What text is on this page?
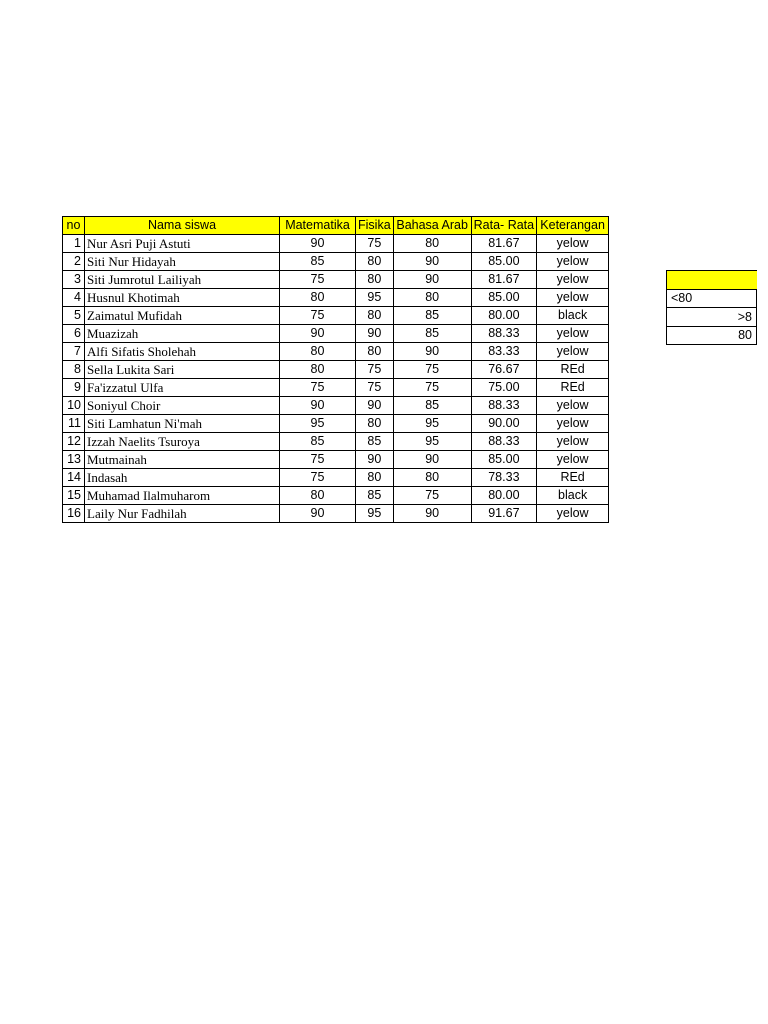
no	Nama siswa		Matematika	Fisika	Bahasa Arab	Rata- Rata	Keterangan
1	Nur Asri Puji Astuti		90	75	80	81.67	yelow
2	Siti Nur Hidayah		85	80	90	85.00	yelow
3	Siti Jumrotul Lailiyah		75	80	90	81.67	yelow
4	Husnul Khotimah		80	95	80	85.00	yelow
5	Zaimatul Mufidah		75	80	85	80.00	black
6	Muazizah		90	90	85	88.33	yelow
7	Alfi Sifatis Sholehah		80	80	90	83.33	yelow
8	Sella Lukita Sari		80	75	75	76.67	REd
9	Fa'izzatul Ulfa		75	75	75	75.00	REd
10	Soniyul Choir		90	90	85	88.33	yelow
11	Siti Lamhatun Ni'mah		95	80	95	90.00	yelow
12	Izzah Naelits Tsuroya		85	85	95	88.33	yelow
13	Mutmainah		75	90	90	85.00	yelow
14	Indasah		75	80	80	78.33	REd
15	Muhamad Ilalmuharom		80	85	75	80.00	black
16	Laily Nur Fadhilah		90	95	90	91.67	yelow

<80
>8
80
